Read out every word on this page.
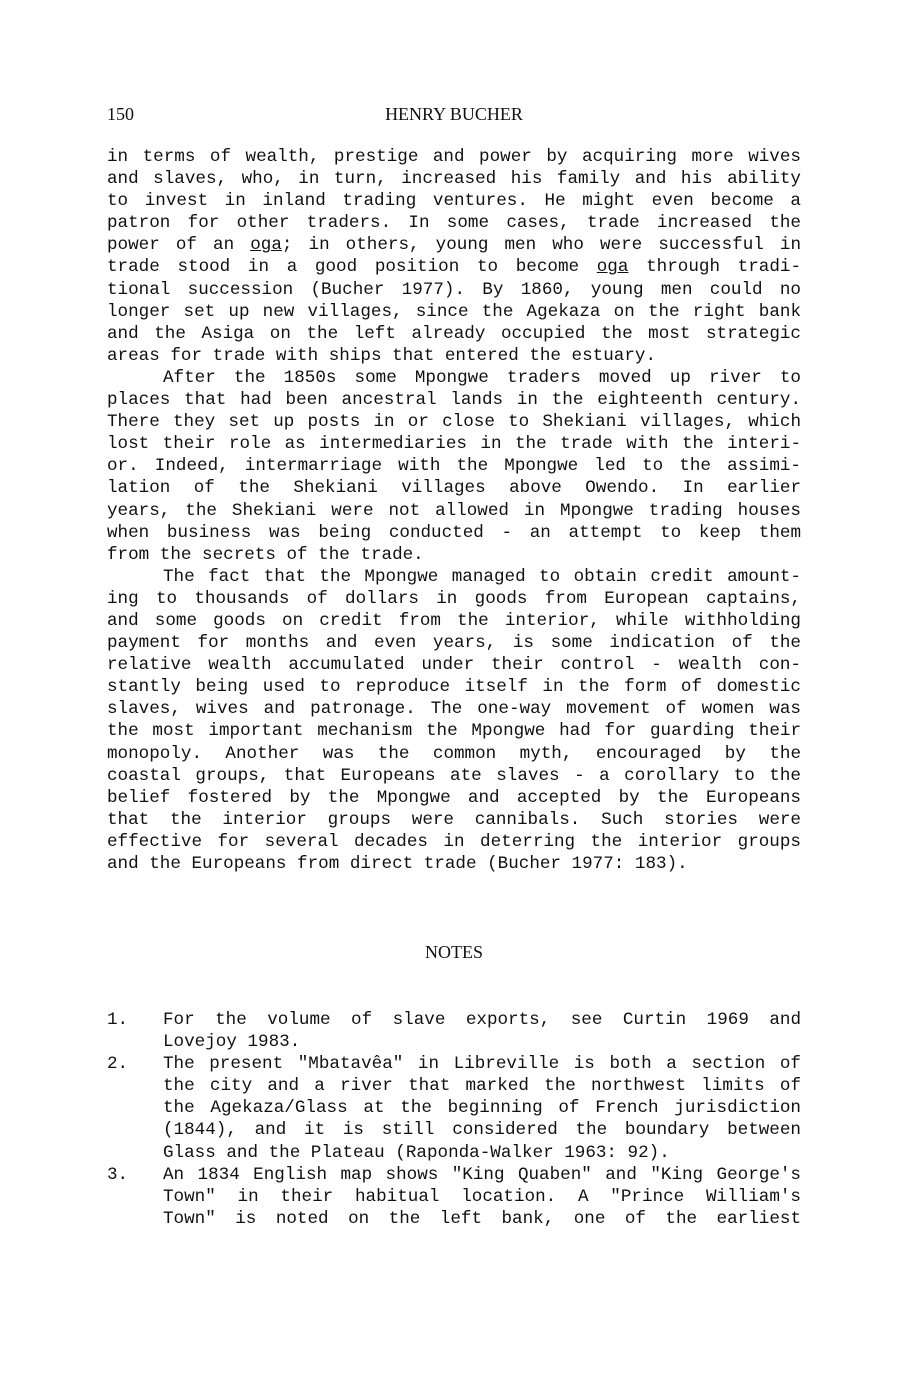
150	HENRY BUCHER
in terms of wealth, prestige and power by acquiring more wives
and slaves, who, in turn, increased his family and his ability
to invest in inland trading ventures. He might even become a
patron for other traders. In some cases, trade increased the
power of an oga; in others, young men who were successful in
trade stood in a good position to become oga through tradi-
tional succession (Bucher 1977). By 1860, young men could no
longer set up new villages, since the Agekaza on the right bank
and the Asiga on the left already occupied the most strategic
areas for trade with ships that entered the estuary.
After the 1850s some Mpongwe traders moved up river to
places that had been ancestral lands in the eighteenth century.
There they set up posts in or close to Shekiani villages, which
lost their role as intermediaries in the trade with the interi-
or. Indeed, intermarriage with the Mpongwe led to the assimi-
lation of the Shekiani villages above Owendo. In earlier
years, the Shekiani were not allowed in Mpongwe trading houses
when business was being conducted - an attempt to keep them
from the secrets of the trade.
The fact that the Mpongwe managed to obtain credit amount-
ing to thousands of dollars in goods from European captains,
and some goods on credit from the interior, while withholding
payment for months and even years, is some indication of the
relative wealth accumulated under their control - wealth con-
stantly being used to reproduce itself in the form of domestic
slaves, wives and patronage. The one-way movement of women was
the most important mechanism the Mpongwe had for guarding their
monopoly. Another was the common myth, encouraged by the
coastal groups, that Europeans ate slaves - a corollary to the
belief fostered by the Mpongwe and accepted by the Europeans
that the interior groups were cannibals. Such stories were
effective for several decades in deterring the interior groups
and the Europeans from direct trade (Bucher 1977: 183).
NOTES
1. For the volume of slave exports, see Curtin 1969 and
Lovejoy 1983.
2. The present "Mbatavêa" in Libreville is both a section of
the city and a river that marked the northwest limits of
the Agekaza/Glass at the beginning of French jurisdiction
(1844), and it is still considered the boundary between
Glass and the Plateau (Raponda-Walker 1963: 92).
3. An 1834 English map shows "King Quaben" and "King George's
Town" in their habitual location. A "Prince William's
Town" is noted on the left bank, one of the earliest
